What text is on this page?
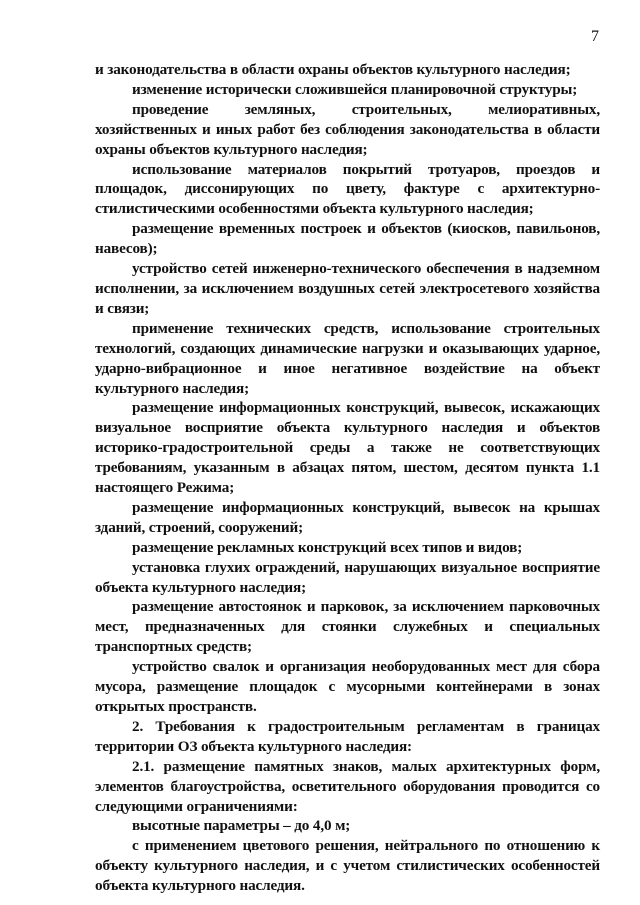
7

и законодательства в области охраны объектов культурного наследия;

изменение исторически сложившейся планировочной структуры;

проведение земляных, строительных, мелиоративных, хозяйственных и иных работ без соблюдения законодательства в области охраны объектов культурного наследия;

использование материалов покрытий тротуаров, проездов и площадок, диссонирующих по цвету, фактуре с архитектурно-стилистическими особенностями объекта культурного наследия;

размещение временных построек и объектов (киосков, павильонов, навесов);

устройство сетей инженерно-технического обеспечения в надземном исполнении, за исключением воздушных сетей электросетевого хозяйства и связи;

применение технических средств, использование строительных технологий, создающих динамические нагрузки и оказывающих ударное, ударно-вибрационное и иное негативное воздействие на объект культурного наследия;

размещение информационных конструкций, вывесок, искажающих визуальное восприятие объекта культурного наследия и объектов историко-градостроительной среды а также не соответствующих требованиям, указанным в абзацах пятом, шестом, десятом пункта 1.1 настоящего Режима;

размещение информационных конструкций, вывесок на крышах зданий, строений, сооружений;

размещение рекламных конструкций всех типов и видов;

установка глухих ограждений, нарушающих визуальное восприятие объекта культурного наследия;

размещение автостоянок и парковок, за исключением парковочных мест, предназначенных для стоянки служебных и специальных транспортных средств;

устройство свалок и организация необорудованных мест для сбора мусора, размещение площадок с мусорными контейнерами в зонах открытых пространств.

2. Требования к градостроительным регламентам в границах территории ОЗ объекта культурного наследия:

2.1. размещение памятных знаков, малых архитектурных форм, элементов благоустройства, осветительного оборудования проводится со следующими ограничениями:

высотные параметры – до 4,0 м;

с применением цветового решения, нейтрального по отношению к объекту культурного наследия, и с учетом стилистических особенностей объекта культурного наследия.
